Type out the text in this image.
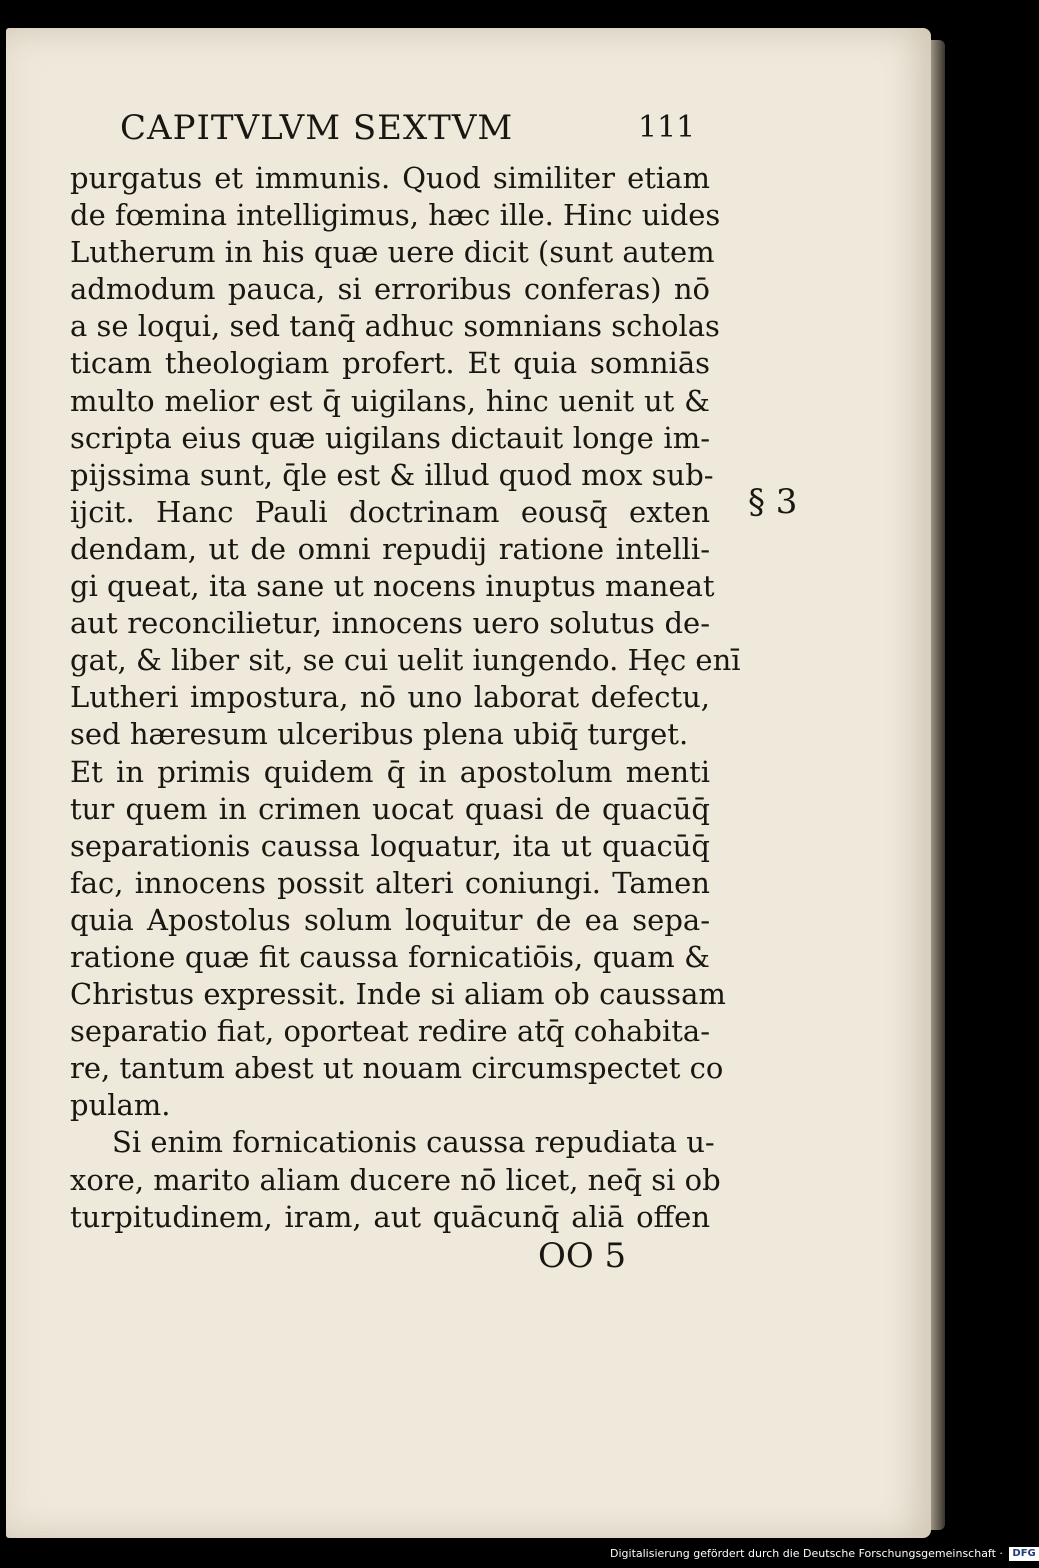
CAPITVLVM SEXTVM	111
purgatus et immunis. Quod similiter etiam
de fœmina intelligimus, hæc ille. Hinc uides
Lutherum in his quæ uere dicit (sunt autem
admodum pauca, si erroribus conferas) nō
a se loqui, sed tanq̄ adhuc somnians scholas
ticam theologiam profert. Et quia somniās
multo melior est q̄ uigilans, hinc uenit ut &
scripta eius quæ uigilans dictauit longe im-
pijssima sunt, q̄le est & illud quod mox sub-
ijcit. Hanc Pauli doctrinam eousq̄ exten
dendam, ut de omni repudij ratione intelli-
gi queat, ita sane ut nocens inuptus maneat
aut reconcilietur, innocens uero solutus de-
gat, & liber sit, se cui uelit iungendo. Hęc enī
Lutheri impostura, nō uno laborat defectu,
sed hæresum ulceribus plena ubiq̄ turget.
Et in primis quidem q̄ in apostolum menti
tur quem in crimen uocat quasi de quacūq̄
separationis caussa loquatur, ita ut quacūq̄
fac, innocens possit alteri coniungi. Tamen
quia Apostolus solum loquitur de ea sepa-
ratione quæ fit caussa fornicatiōis, quam &
Christus expressit. Inde si aliam ob caussam
separatio fiat, oporteat redire atq̄ cohabita-
re, tantum abest ut nouam circumspectet co
pulam.
Si enim fornicationis caussa repudiata u-
xore, marito aliam ducere nō licet, neq̄ si ob
turpitudinem, iram, aut quācunq̄ aliā offen
§ 3
OO 5
Digitalisierung gefördert durch die Deutsche Forschungsgemeinschaft · DFG
